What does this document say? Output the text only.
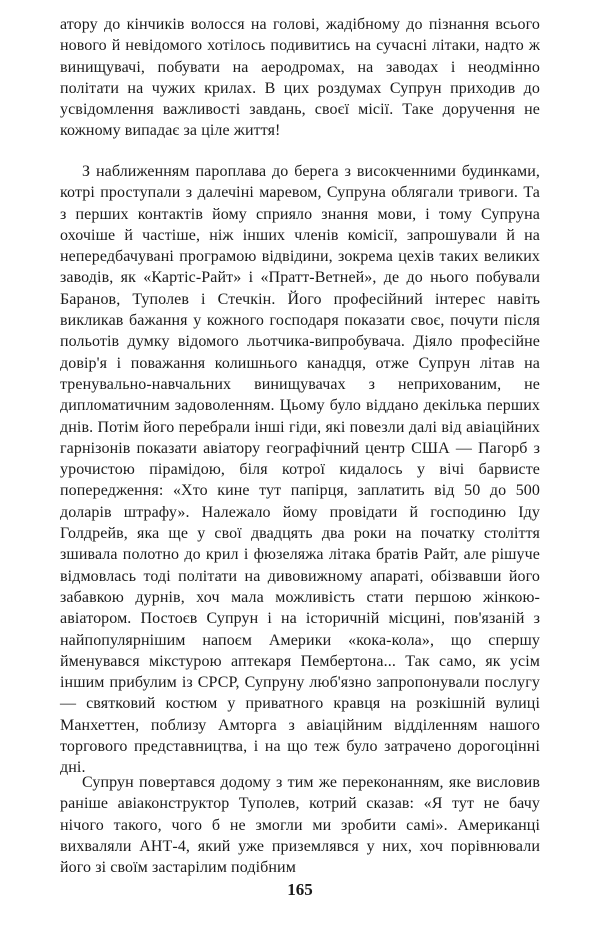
атору до кінчиків волосся на голові, жадібному до пізнання всього нового й невідомого хотілось подивитись на сучасні літаки, надто ж винищувачі, побувати на аеродромах, на заводах і неодмінно політати на чужих крилах. В цих роздумах Супрун приходив до усвідомлення важливості завдань, своєї місії. Таке доручення не кожному випадає за ціле життя!

З наближенням пароплава до берега з високченними будинками, котрі проступали з далечіні маревом, Супруна облягали тривоги. Та з перших контактів йому сприяло знання мови, і тому Супруна охочіше й частіше, ніж інших членів комісії, запрошували й на непередбачувані програмою відвідини, зокрема цехів таких великих заводів, як «Картіс-Райт» і «Пратт-Ветней», де до нього побували Баранов, Туполев і Стечкін. Його професійний інтерес навіть викликав бажання у кожного господаря показати своє, почути після польотів думку відомого льотчика-випробувача. Діяло професійне довір'я і поважання колишнього канадця, отже Супрун літав на тренувально-навчальних винищувачах з неприхованим, не дипломатичним задоволенням. Цьому було віддано декілька перших днів. Потім його перебрали інші гіди, які повезли далі від авіаційних гарнізонів показати авіатору географічний центр США — Пагорб з урочистою пірамідою, біля котрої кидалось у вічі барвисте попередження: «Хто кине тут папірця, заплатить від 50 до 500 доларів штрафу». Належало йому провідати й господиню Іду Голдрейв, яка ще у свої двадцять два роки на початку століття зшивала полотно до крил і фюзеляжа літака братів Райт, але рішуче відмовлась тоді політати на дивовижному апараті, обізвавши його забавкою дурнів, хоч мала можливість стати першою жінкою-авіатором. Постоєв Супрун і на історичній місцині, пов'язаній з найпопулярнішим напоєм Америки «кока-кола», що спершу йменувався мікстурою аптекаря Пембертона... Так само, як усім іншим прибулим із СРСР, Супруну люб'язно запропонували послугу — святковий костюм у приватного кравця на розкішній вулиці Манхеттен, поблизу Амторга з авіаційним відділенням нашого торгового представництва, і на що теж було затрачено дорогоцінні дні.

Супрун повертався додому з тим же переконанням, яке висловив раніше авіаконструктор Туполев, котрий сказав: «Я тут не бачу нічого такого, чого б не змогли ми зробити самі». Американці вихваляли АНТ-4, який уже приземлявся у них, хоч порівнювали його зі своїм застарілим подібним

165
